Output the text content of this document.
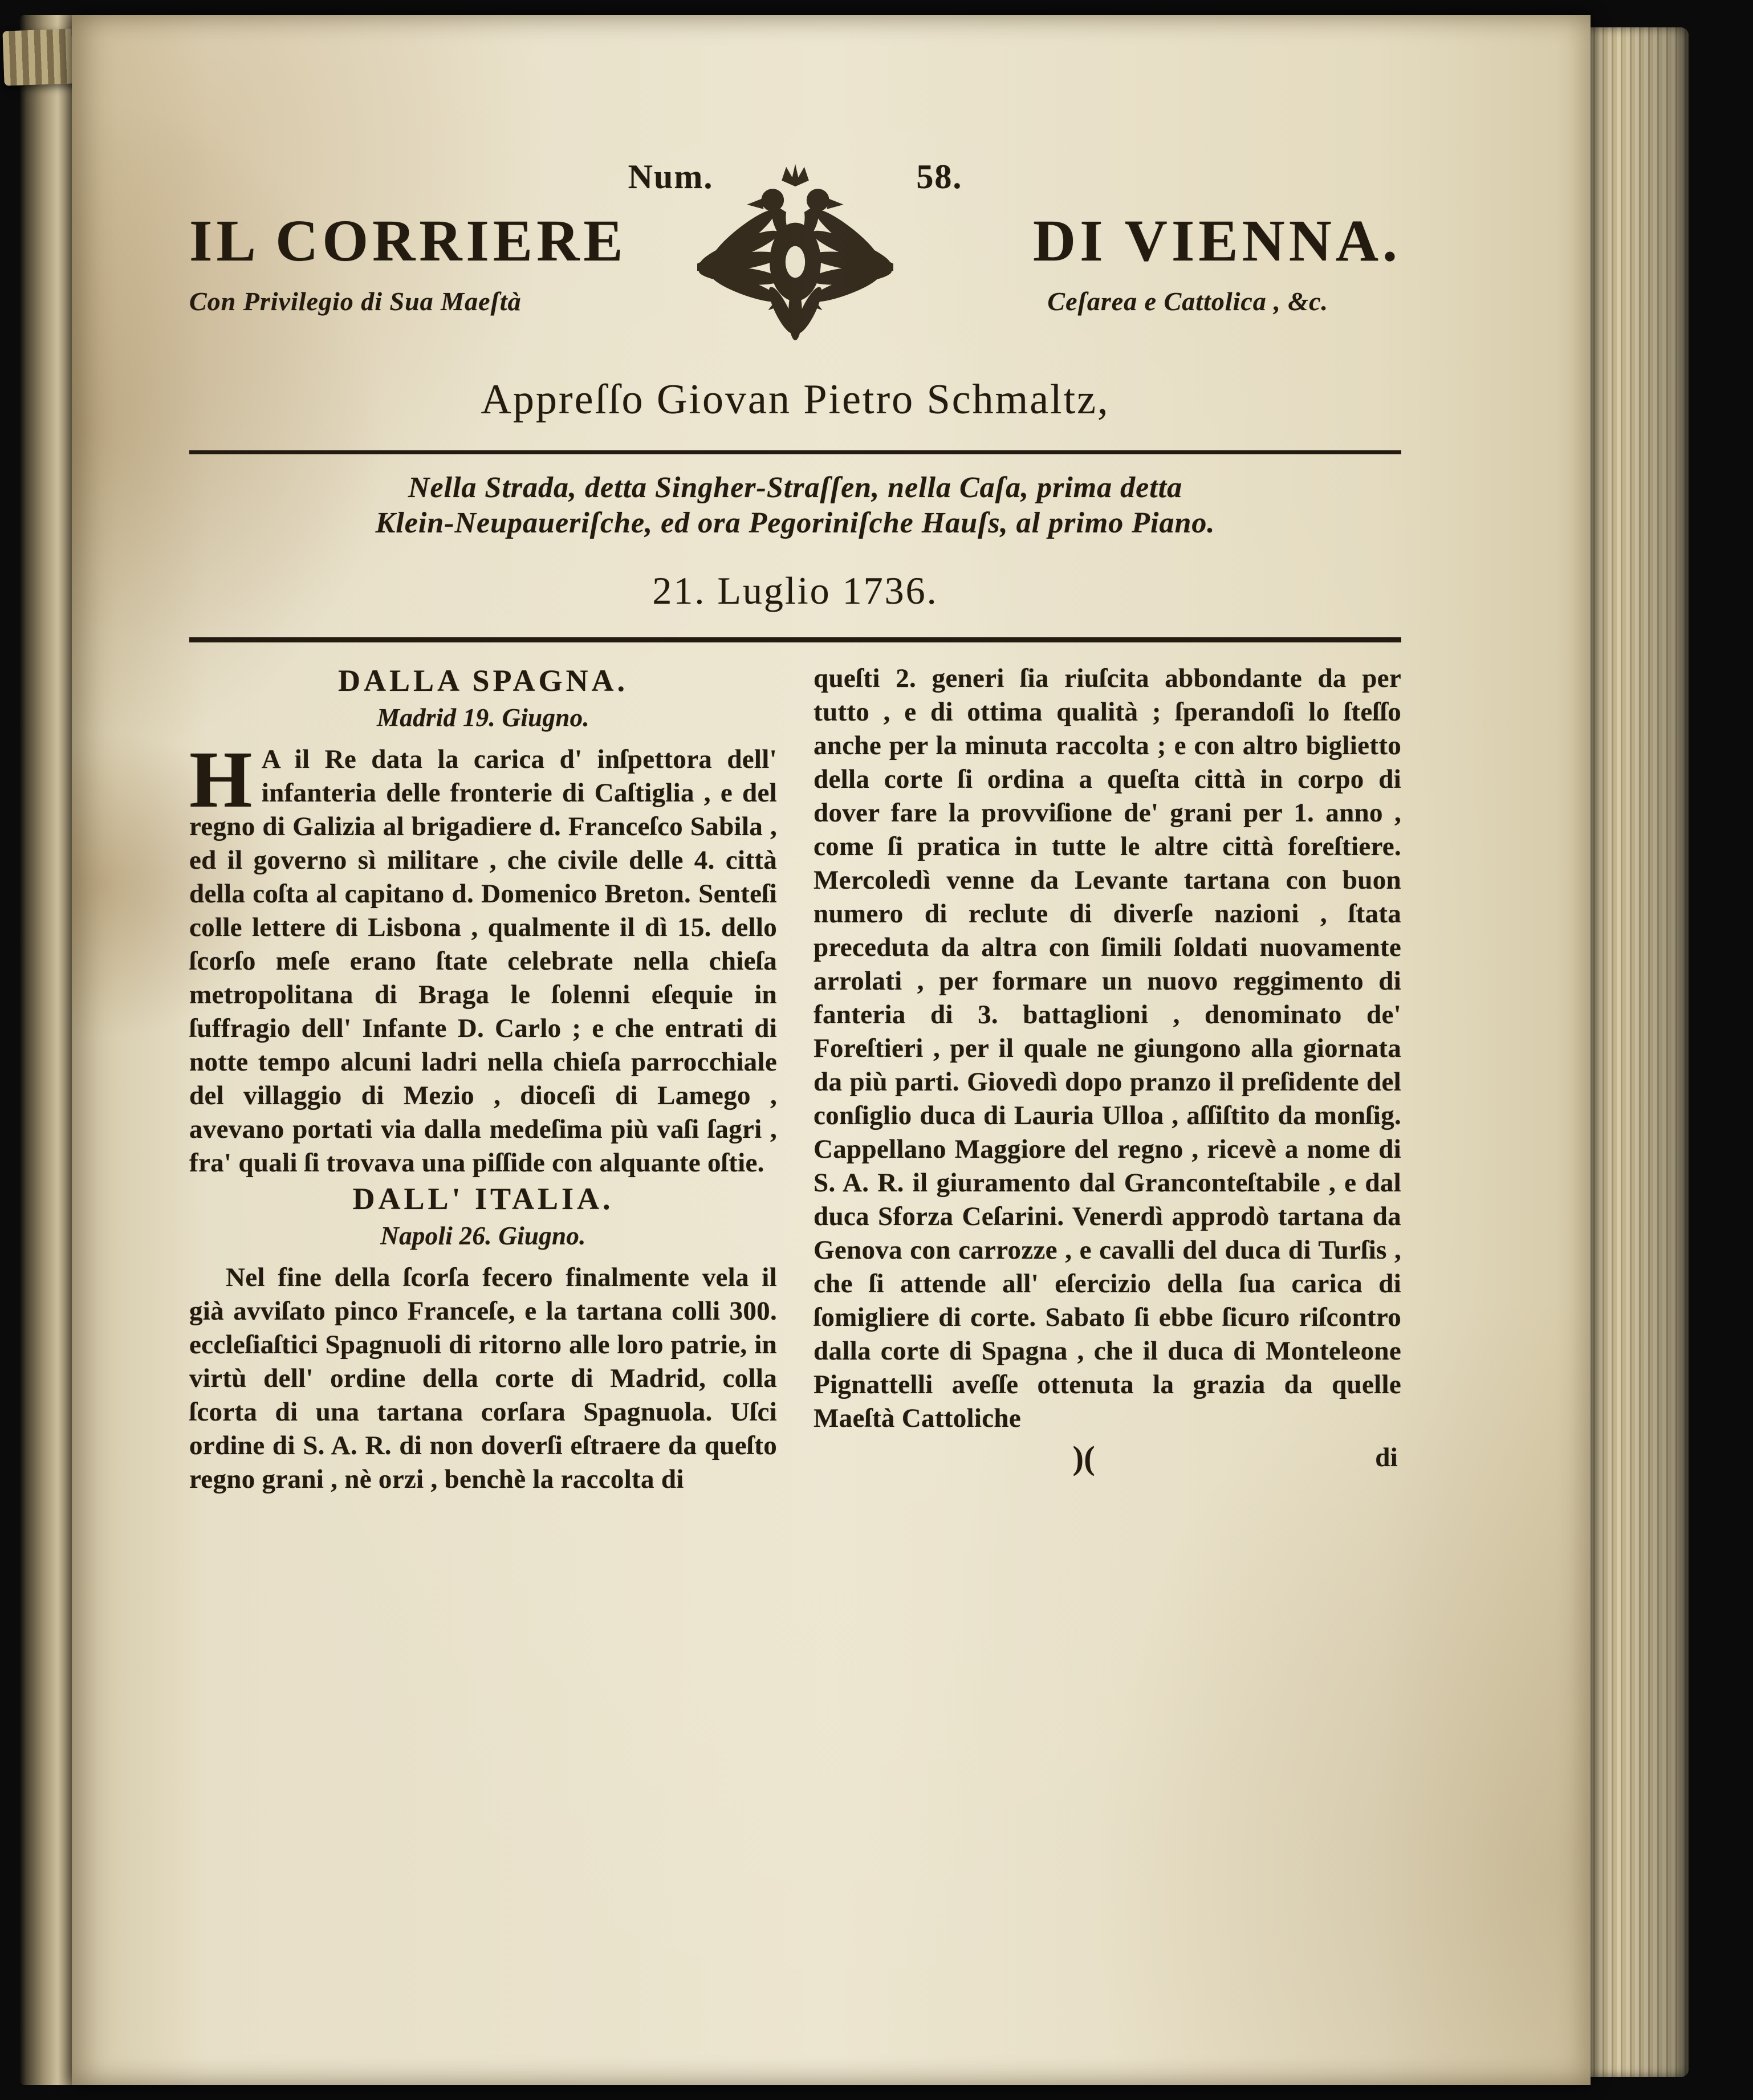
Num.	58.
IL CORRIERE	DI VIENNA.
Con Privilegio di Sua Maeſtà	Ceſarea e Cattolica , &c.
Appreſſo Giovan Pietro Schmaltz,
Nella Strada, detta Singher-Straſſen, nella Caſa, prima detta
Klein-Neupaueriſche, ed ora Pegoriniſche Hauſs, al primo Piano.
21. Luglio 1736.
DALLA SPAGNA.
Madrid 19. Giugno.

H A il Re data la carica d' inſpettora dell' infanteria delle fronterie di Caſtiglia , e del regno di Galizia al brigadiere d. Franceſco Sabila , ed il governo sì militare , che civile delle 4. città della coſta al capitano d. Domenico Breton. Senteſi colle lettere di Lisbona , qualmente il dì 15. dello ſcorſo meſe erano ſtate celebrate nella chieſa metropolitana di Braga le ſolenni eſequie in ſuffragio dell' Infante D. Carlo ; e che entrati di notte tempo alcuni ladri nella chieſa parrocchiale del villaggio di Mezio , dioceſi di Lamego , avevano portati via dalla medeſima più vaſi ſagri , fra' quali ſi trovava una piſſide con alquante oſtie.

DALL' ITALIA.
Napoli 26. Giugno.

Nel fine della ſcorſa fecero finalmente vela il già avviſato pinco Franceſe, e la tartana colli 300. eccleſiaſtici Spagnuoli di ritorno alle loro patrie, in virtù dell' ordine della corte di Madrid, colla ſcorta di una tartana corſara Spagnuola. Uſci ordine di S. A. R. di non doverſi eſtraere da queſto regno grani , nè orzi , benchè la raccolta di

queſti 2. generi ſia riuſcita abbondante da per tutto , e di ottima qualità ; ſperandoſi lo ſteſſo anche per la minuta raccolta ; e con altro biglietto della corte ſi ordina a queſta città in corpo di dover fare la provviſione de' grani per 1. anno , come ſi pratica in tutte le altre città foreſtiere. Mercoledì venne da Levante tartana con buon numero di reclute di diverſe nazioni , ſtata preceduta da altra con ſimili ſoldati nuovamente arrolati , per formare un nuovo reggimento di fanteria di 3. battaglioni , denominato de' Foreſtieri , per il quale ne giungono alla giornata da più parti. Giovedì dopo pranzo il preſidente del conſiglio duca di Lauria Ulloa , aſſiſtito da monſig. Cappellano Maggiore del regno , ricevè a nome di S. A. R. il giuramento dal Granconteſtabile , e dal duca Sforza Ceſarini. Venerdì approdò tartana da Genova con carrozze , e cavalli del duca di Turſis , che ſi attende all' eſercizio della ſua carica di ſomigliere di corte. Sabato ſi ebbe ſicuro riſcontro dalla corte di Spagna , che il duca di Monteleone Pignattelli aveſſe ottenuta la grazia da quelle Maeſtà Cattoliche

)(	di
